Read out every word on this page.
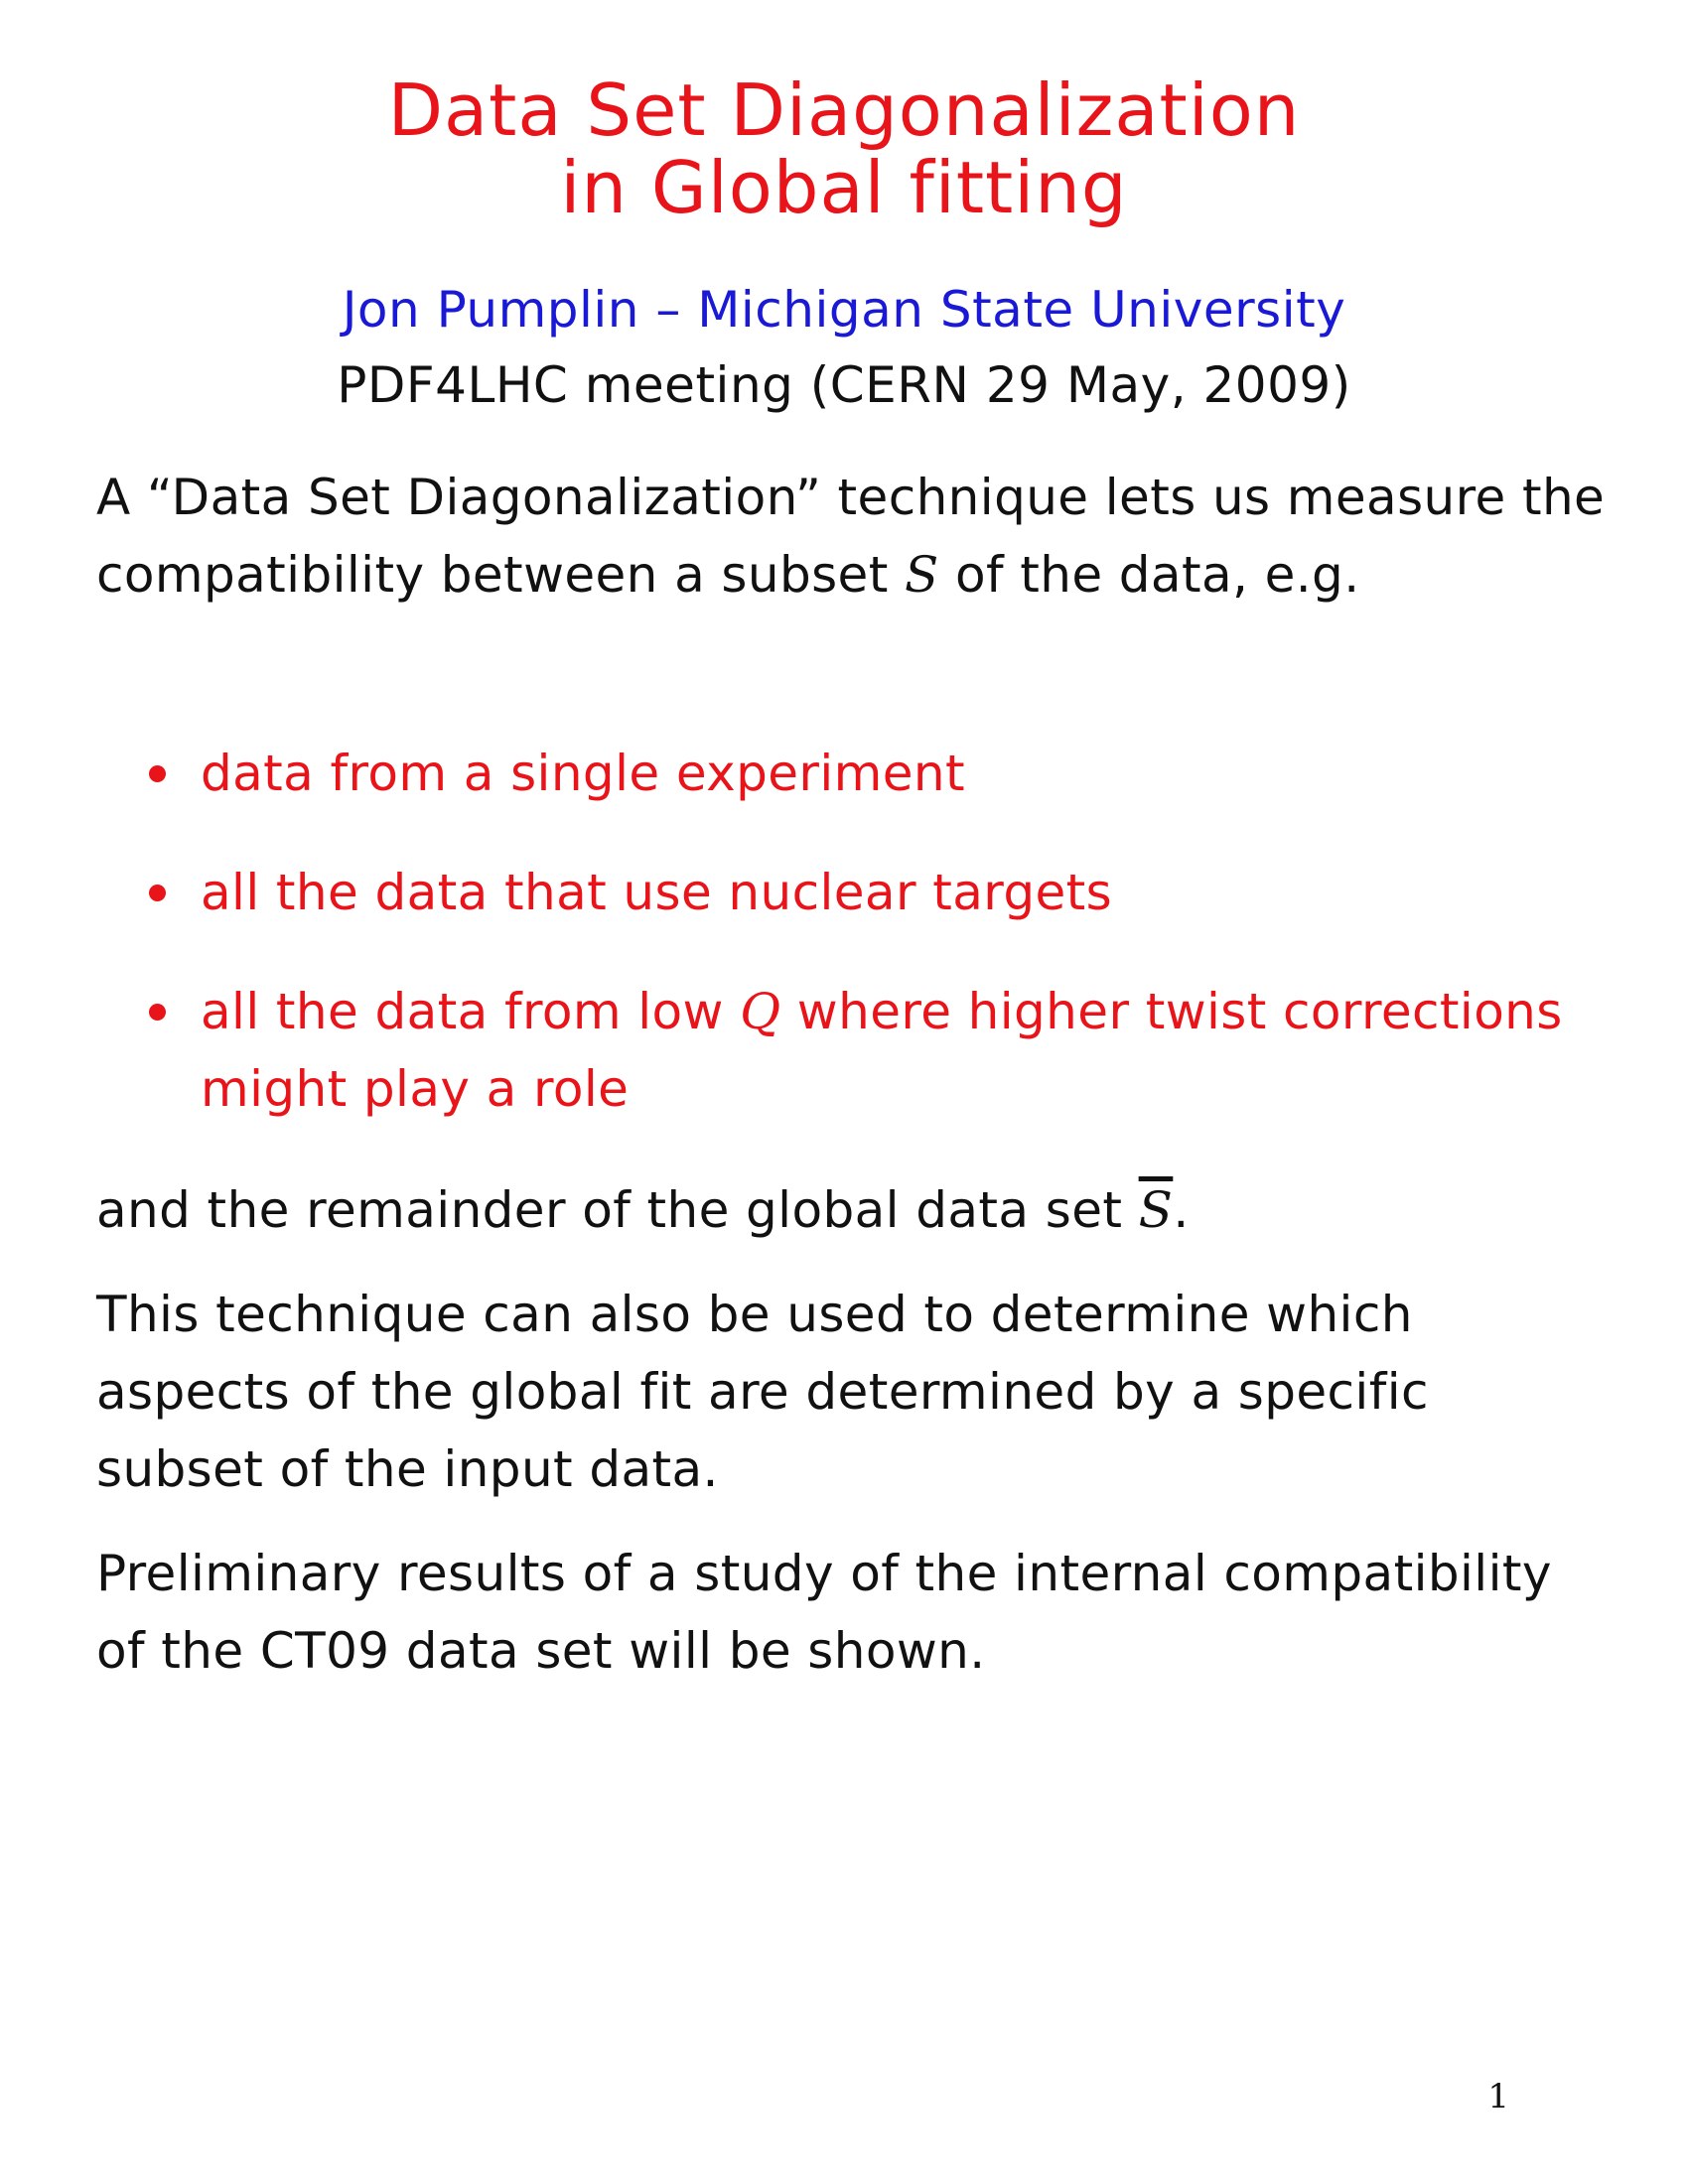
Data Set Diagonalization
in Global fitting
Jon Pumplin – Michigan State University
PDF4LHC meeting (CERN 29 May, 2009)

A “Data Set Diagonalization” technique lets us measure the compatibility between a subset S of the data, e.g.

data from a single experiment
all the data that use nuclear targets
all the data from low Q where higher twist corrections might play a role

and the remainder of the global data set $\overline{S}$.

This technique can also be used to determine which aspects of the global fit are determined by a specific subset of the input data.

Preliminary results of a study of the internal compatibility of the CT09 data set will be shown.

1
